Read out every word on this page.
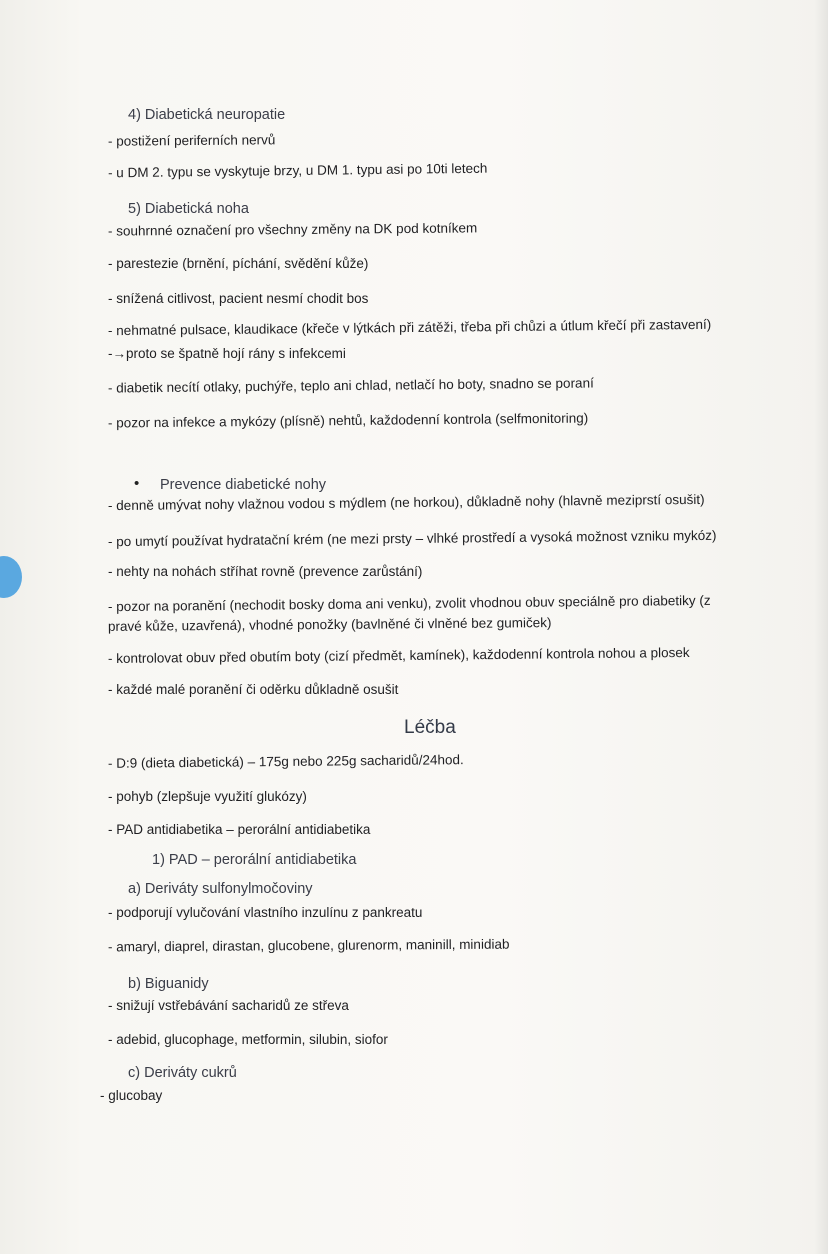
4) Diabetická neuropatie
- postižení periferních nervů
- u DM 2. typu se vyskytuje brzy, u DM 1. typu asi po 10ti letech
5) Diabetická noha
- souhrnné označení pro všechny změny na DK pod kotníkem
- parestezie (brnění, píchání, svědění kůže)
- snížená citlivost, pacient nesmí chodit bos
- nehmatné pulsace, klaudikace (křeče v lýtkách při zátěži, třeba při chůzi a útlum křečí při zastavení)
-→proto se špatně hojí rány s infekcemi
- diabetik necítí otlaky, puchýře, teplo ani chlad, netlačí ho boty, snadno se poraní
- pozor na infekce a mykózy (plísně) nehtů, každodenní kontrola (selfmonitoring)
• Prevence diabetické nohy
- denně umývat nohy vlažnou vodou s mýdlem (ne horkou), důkladně nohy (hlavně meziprstí osušit)
- po umytí používat hydratační krém (ne mezi prsty – vlhké prostředí a vysoká možnost vzniku mykóz)
- nehty na nohách stříhat rovně (prevence zarůstání)
- pozor na poranění (nechodit bosky doma ani venku), zvolit vhodnou obuv speciálně pro diabetiky (z
pravé kůže, uzavřená), vhodné ponožky (bavlněné či vlněné bez gumiček)
- kontrolovat obuv před obutím boty (cizí předmět, kamínek), každodenní kontrola nohou a plosek
- každé malé poranění či oděrku důkladně osušit
Léčba
- D:9 (dieta diabetická) – 175g nebo 225g sacharidů/24hod.
- pohyb (zlepšuje využití glukózy)
- PAD antidiabetika – perorální antidiabetika
1) PAD – perorální antidiabetika
a) Deriváty sulfonylmočoviny
- podporují vylučování vlastního inzulínu z pankreatu
- amaryl, diaprel, dirastan, glucobene, glurenorm, maninill, minidiab
b) Biguanidy
- snižují vstřebávání sacharidů ze střeva
- adebid, glucophage, metformin, silubin, siofor
c) Deriváty cukrů
- glucobay
